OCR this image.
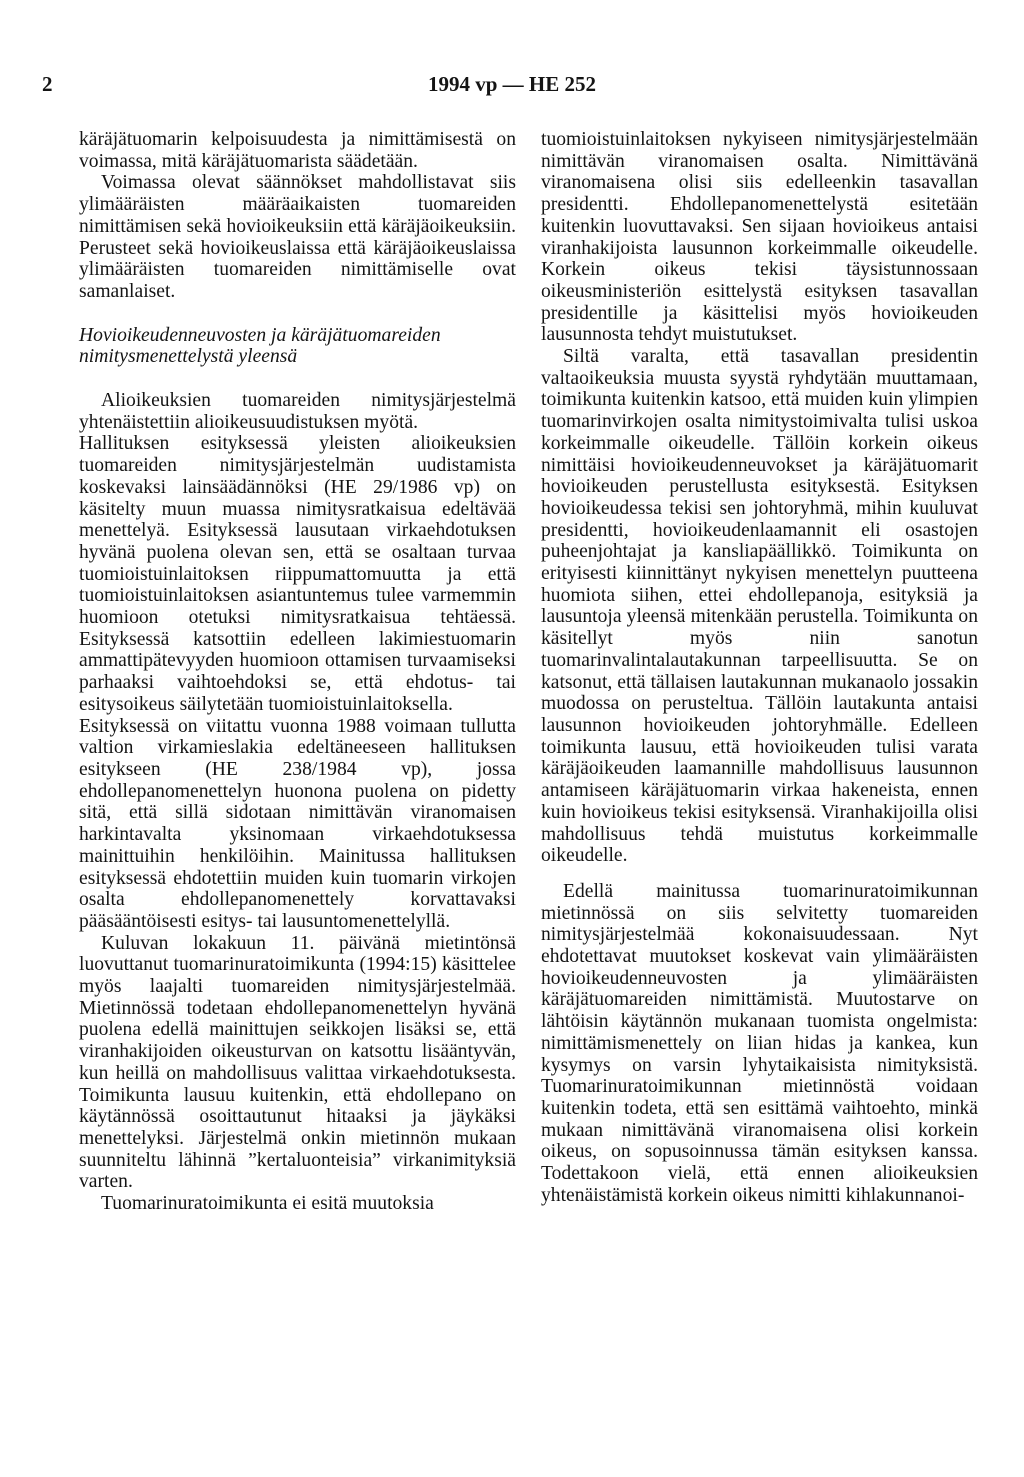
2	1994 vp — HE 252

käräjätuomarin kelpoisuudesta ja nimittämisestä on voimassa, mitä käräjätuomarista säädetään.

Voimassa olevat säännökset mahdollistavat siis ylimääräisten määräaikaisten tuomareiden nimittämisen sekä hovioikeuksiin että käräjäoikeuksiin. Perusteet sekä hovioikeuslaissa että käräjäoikeuslaissa ylimääräisten tuomareiden nimittämiselle ovat samanlaiset.

Hovioikeudenneuvosten ja käräjätuomareiden nimitysmenettelystä yleensä

Alioikeuksien tuomareiden nimitysjärjestelmä yhtenäistettiin alioikeusuudistuksen myötä.

Hallituksen esityksessä yleisten alioikeuksien tuomareiden nimitysjärjestelmän uudistamista koskevaksi lainsäädännöksi (HE 29/1986 vp) on käsitelty muun muassa nimitysratkaisua edeltävää menettelyä. Esityksessä lausutaan virkaehdotuksen hyvänä puolena olevan sen, että se osaltaan turvaa tuomioistuinlaitoksen riippumattomuutta ja että tuomioistuinlaitoksen asiantuntemus tulee varmemmin huomioon otetuksi nimitysratkaisua tehtäessä. Esityksessä katsottiin edelleen lakimiestuomarin ammattipätevyyden huomioon ottamisen turvaamiseksi parhaaksi vaihtoehdoksi se, että ehdotus- tai esitysoikeus säilytetään tuomioistuinlaitoksella.

Esityksessä on viitattu vuonna 1988 voimaan tullutta valtion virkamieslakia edeltäneeseen hallituksen esitykseen (HE 238/1984 vp), jossa ehdollepanomenettelyn huonona puolena on pidetty sitä, että sillä sidotaan nimittävän viranomaisen harkintavalta yksinomaan virkaehdotuksessa mainittuihin henkilöihin. Mainitussa hallituksen esityksessä ehdotettiin muiden kuin tuomarin virkojen osalta ehdollepanomenettely korvattavaksi pääsääntöisesti esitys- tai lausuntomenettelyllä.

Kuluvan lokakuun 11. päivänä mietintönsä luovuttanut tuomarinuratoimikunta (1994:15) käsittelee myös laajalti tuomareiden nimitysjärjestelmää. Mietinnössä todetaan ehdollepanomenettelyn hyvänä puolena edellä mainittujen seikkojen lisäksi se, että viranhakijoiden oikeusturvan on katsottu lisääntyvän, kun heillä on mahdollisuus valittaa virkaehdotuksesta. Toimikunta lausuu kuitenkin, että ehdollepano on käytännössä osoittautunut hitaaksi ja jäykäksi menettelyksi. Järjestelmä onkin mietinnön mukaan suunniteltu lähinnä ”kertaluonteisia” virkanimityksiä varten.

Tuomarinuratoimikunta ei esitä muutoksia

tuomioistuinlaitoksen nykyiseen nimitysjärjestelmään nimittävän viranomaisen osalta. Nimittävänä viranomaisena olisi siis edelleenkin tasavallan presidentti. Ehdollepanomenettelystä esitetään kuitenkin luovuttavaksi. Sen sijaan hovioikeus antaisi viranhakijoista lausunnon korkeimmalle oikeudelle. Korkein oikeus tekisi täysistunnossaan oikeusministeriön esittelystä esityksen tasavallan presidentille ja käsittelisi myös hovioikeuden lausunnosta tehdyt muistutukset.

Siltä varalta, että tasavallan presidentin valtaoikeuksia muusta syystä ryhdytään muuttamaan, toimikunta kuitenkin katsoo, että muiden kuin ylimpien tuomarinvirkojen osalta nimitystoimivalta tulisi uskoa korkeimmalle oikeudelle. Tällöin korkein oikeus nimittäisi hovioikeudenneuvokset ja käräjätuomarit hovioikeuden perustellusta esityksestä. Esityksen hovioikeudessa tekisi sen johtoryhmä, mihin kuuluvat presidentti, hovioikeudenlaamannit eli osastojen puheenjohtajat ja kansliapäällikkö. Toimikunta on erityisesti kiinnittänyt nykyisen menettelyn puutteena huomiota siihen, ettei ehdollepanoja, esityksiä ja lausuntoja yleensä mitenkään perustella. Toimikunta on käsitellyt myös niin sanotun tuomarinvalintalautakunnan tarpeellisuutta. Se on katsonut, että tällaisen lautakunnan mukanaolo jossakin muodossa on perusteltua. Tällöin lautakunta antaisi lausunnon hovioikeuden johtoryhmälle. Edelleen toimikunta lausuu, että hovioikeuden tulisi varata käräjäoikeuden laamannille mahdollisuus lausunnon antamiseen käräjätuomarin virkaa hakeneista, ennen kuin hovioikeus tekisi esityksensä. Viranhakijoilla olisi mahdollisuus tehdä muistutus korkeimmalle oikeudelle.

Edellä mainitussa tuomarinuratoimikunnan mietinnössä on siis selvitetty tuomareiden nimitysjärjestelmää kokonaisuudessaan. Nyt ehdotettavat muutokset koskevat vain ylimääräisten hovioikeudenneuvosten ja ylimääräisten käräjätuomareiden nimittämistä. Muutostarve on lähtöisin käytännön mukanaan tuomista ongelmista: nimittämismenettely on liian hidas ja kankea, kun kysymys on varsin lyhytaikaisista nimityksistä. Tuomarinuratoimikunnan mietinnöstä voidaan kuitenkin todeta, että sen esittämä vaihtoehto, minkä mukaan nimittävänä viranomaisena olisi korkein oikeus, on sopusoinnussa tämän esityksen kanssa. Todettakoon vielä, että ennen alioikeuksien yhtenäistämistä korkein oikeus nimitti kihlakunnanoi-
